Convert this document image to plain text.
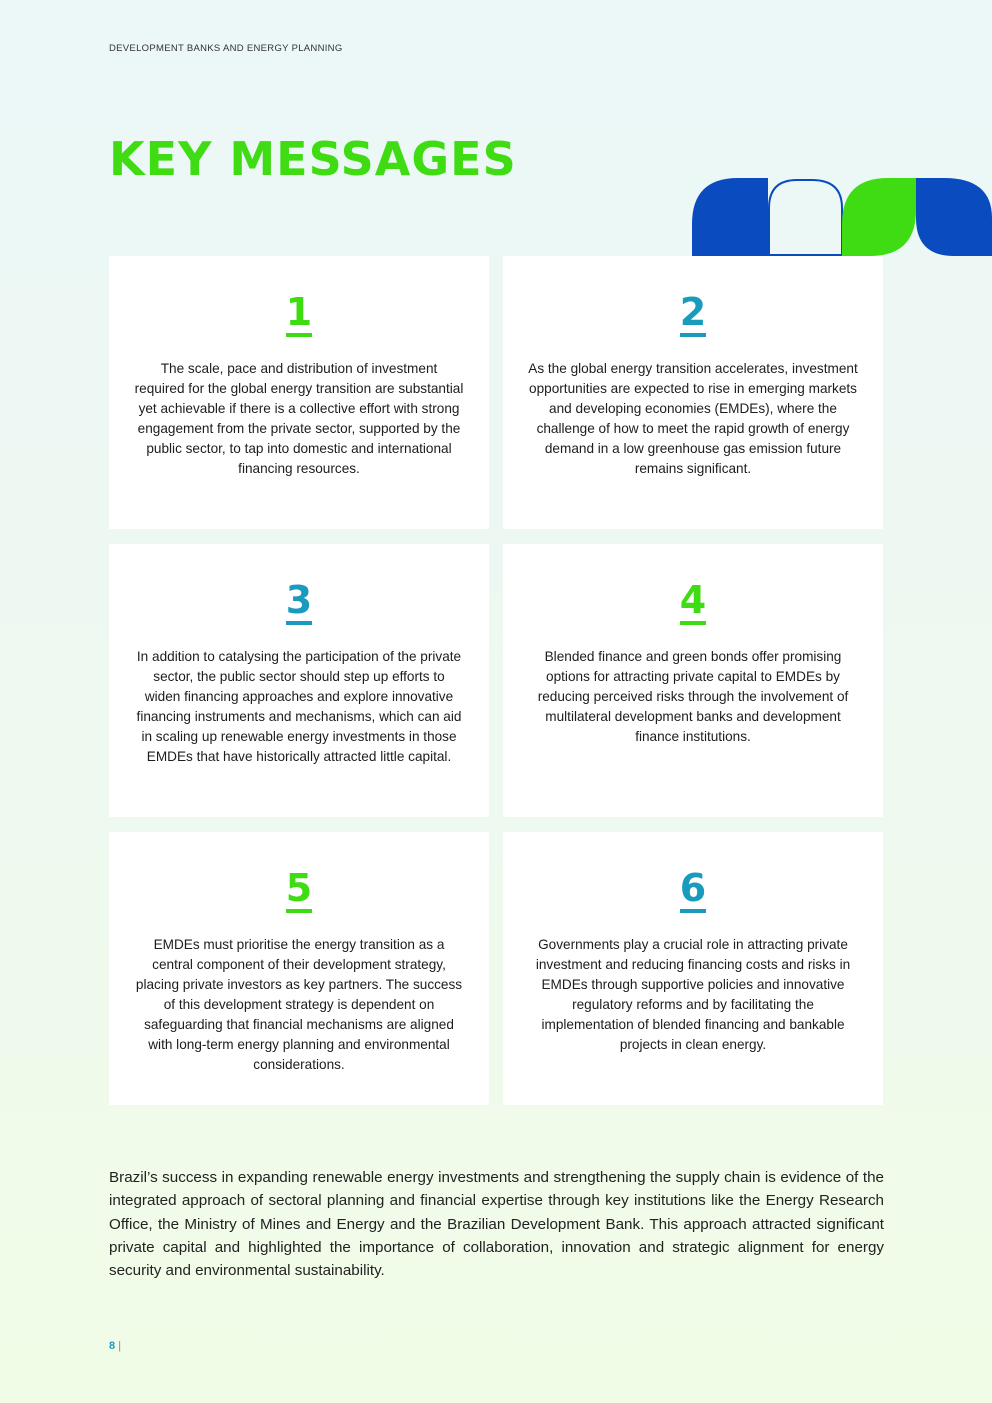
DEVELOPMENT BANKS AND ENERGY PLANNING
KEY MESSAGES
1
The scale, pace and distribution of investment required for the global energy transition are substantial yet achievable if there is a collective effort with strong engagement from the private sector, supported by the public sector, to tap into domestic and international financing resources.
2
As the global energy transition accelerates, investment opportunities are expected to rise in emerging markets and developing economies (EMDEs), where the challenge of how to meet the rapid growth of energy demand in a low greenhouse gas emission future remains significant.
3
In addition to catalysing the participation of the private sector, the public sector should step up efforts to widen financing approaches and explore innovative financing instruments and mechanisms, which can aid in scaling up renewable energy investments in those EMDEs that have historically attracted little capital.
4
Blended finance and green bonds offer promising options for attracting private capital to EMDEs by reducing perceived risks through the involvement of multilateral development banks and development finance institutions.
5
EMDEs must prioritise the energy transition as a central component of their development strategy, placing private investors as key partners. The success of this development strategy is dependent on safeguarding that financial mechanisms are aligned with long-term energy planning and environmental considerations.
6
Governments play a crucial role in attracting private investment and reducing financing costs and risks in EMDEs through supportive policies and innovative regulatory reforms and by facilitating the implementation of blended financing and bankable projects in clean energy.

Brazil’s success in expanding renewable energy investments and strengthening the supply chain is evidence of the integrated approach of sectoral planning and financial expertise through key institutions like the Energy Research Office, the Ministry of Mines and Energy and the Brazilian Development Bank. This approach attracted significant private capital and highlighted the importance of collaboration, innovation and strategic alignment for energy security and environmental sustainability.

8 |
